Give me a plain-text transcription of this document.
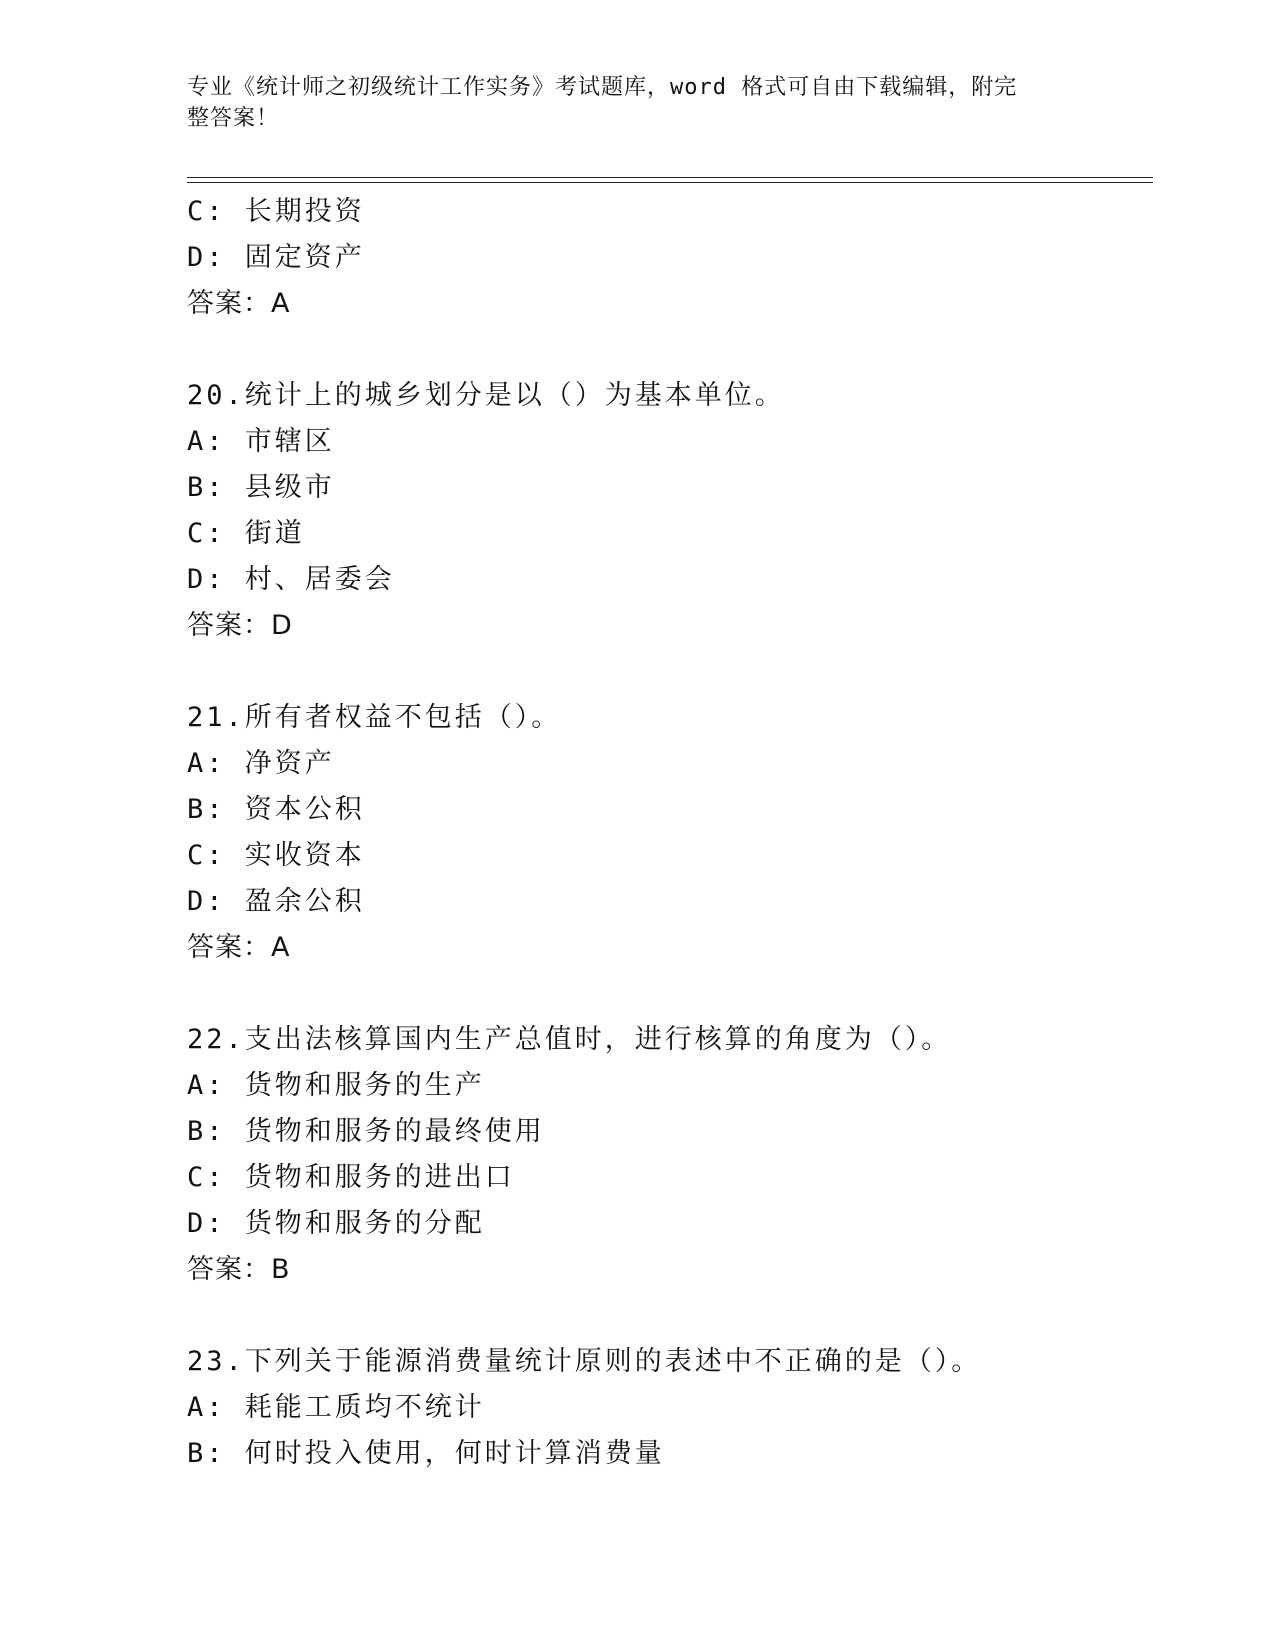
专业《统计师之初级统计工作实务》考试题库，word 格式可自由下载编辑，附完
整答案！
C: 长期投资
D: 固定资产
答案：A
20.统计上的城乡划分是以（）为基本单位。
A: 市辖区
B: 县级市
C: 街道
D: 村、居委会
答案：D
21.所有者权益不包括（）。
A: 净资产
B: 资本公积
C: 实收资本
D: 盈余公积
答案：A
22.支出法核算国内生产总值时，进行核算的角度为（）。
A: 货物和服务的生产
B: 货物和服务的最终使用
C: 货物和服务的进出口
D: 货物和服务的分配
答案：B
23.下列关于能源消费量统计原则的表述中不正确的是（）。
A: 耗能工质均不统计
B: 何时投入使用，何时计算消费量
